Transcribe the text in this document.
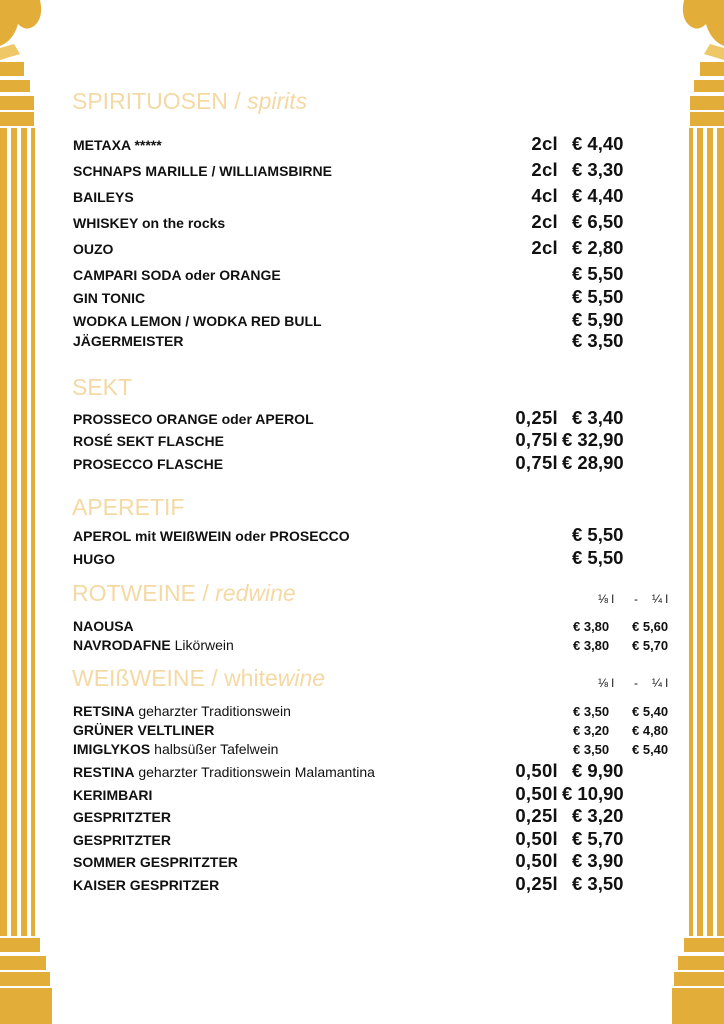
SPIRITUOSEN / spirits
METAXA *****	2cl € 4,40
SCHNAPS MARILLE / WILLIAMSBIRNE	2cl € 3,30
BAILEYS	4cl € 4,40
WHISKEY on the rocks	2cl € 6,50
OUZO	2cl € 2,80
CAMPARI SODA oder ORANGE	€ 5,50
GIN TONIC	€ 5,50
WODKA LEMON / WODKA RED BULL	€ 5,90
JÄGERMEISTER	€ 3,50
SEKT
PROSSECO ORANGE oder APEROL	0,25l € 3,40
ROSÉ SEKT FLASCHE	0,75l € 32,90
PROSECCO FLASCHE	0,75l € 28,90
APERETIF
APEROL mit WEIßWEIN oder PROSECCO	€ 5,50
HUGO	€ 5,50
ROTWEINE / redwine	⅛ l - ¼ l
NAOUSA	€ 3,80 € 5,60
NAVRODAFNE Likörwein	€ 3,80 € 5,70
WEIßWEINE / whitewine	⅛ l - ¼ l
RETSINA geharzter Traditionswein	€ 3,50 € 5,40
GRÜNER VELTLINER	€ 3,20 € 4,80
IMIGLYKOS halbsüßer Tafelwein	€ 3,50 € 5,40
RESTINA geharzter Traditionswein Malamantina	0,50l € 9,90
KERIMBARI	0,50l € 10,90
GESPRITZTER	0,25l € 3,20
GESPRITZTER	0,50l € 5,70
SOMMER GESPRITZTER	0,50l € 3,90
KAISER GESPRITZER	0,25l € 3,50
